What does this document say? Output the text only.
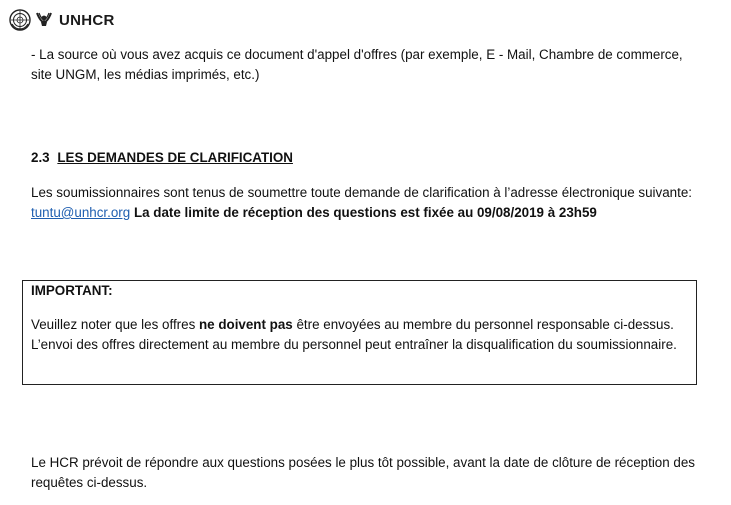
UNHCR
- La source où vous avez acquis ce document d'appel d'offres (par exemple, E - Mail, Chambre de commerce, site UNGM, les médias imprimés, etc.)
2.3 LES DEMANDES DE CLARIFICATION
Les soumissionnaires sont tenus de soumettre toute demande de clarification à l’adresse électronique suivante: tuntu@unhcr.org La date limite de réception des questions est fixée au 09/08/2019 à 23h59
IMPORTANT:
Veuillez noter que les offres ne doivent pas être envoyées au membre du personnel responsable ci-dessus. L’envoi des offres directement au membre du personnel peut entraîner la disqualification du soumissionnaire.
Le HCR prévoit de répondre aux questions posées le plus tôt possible, avant la date de clôture de réception des requêtes ci-dessus.
